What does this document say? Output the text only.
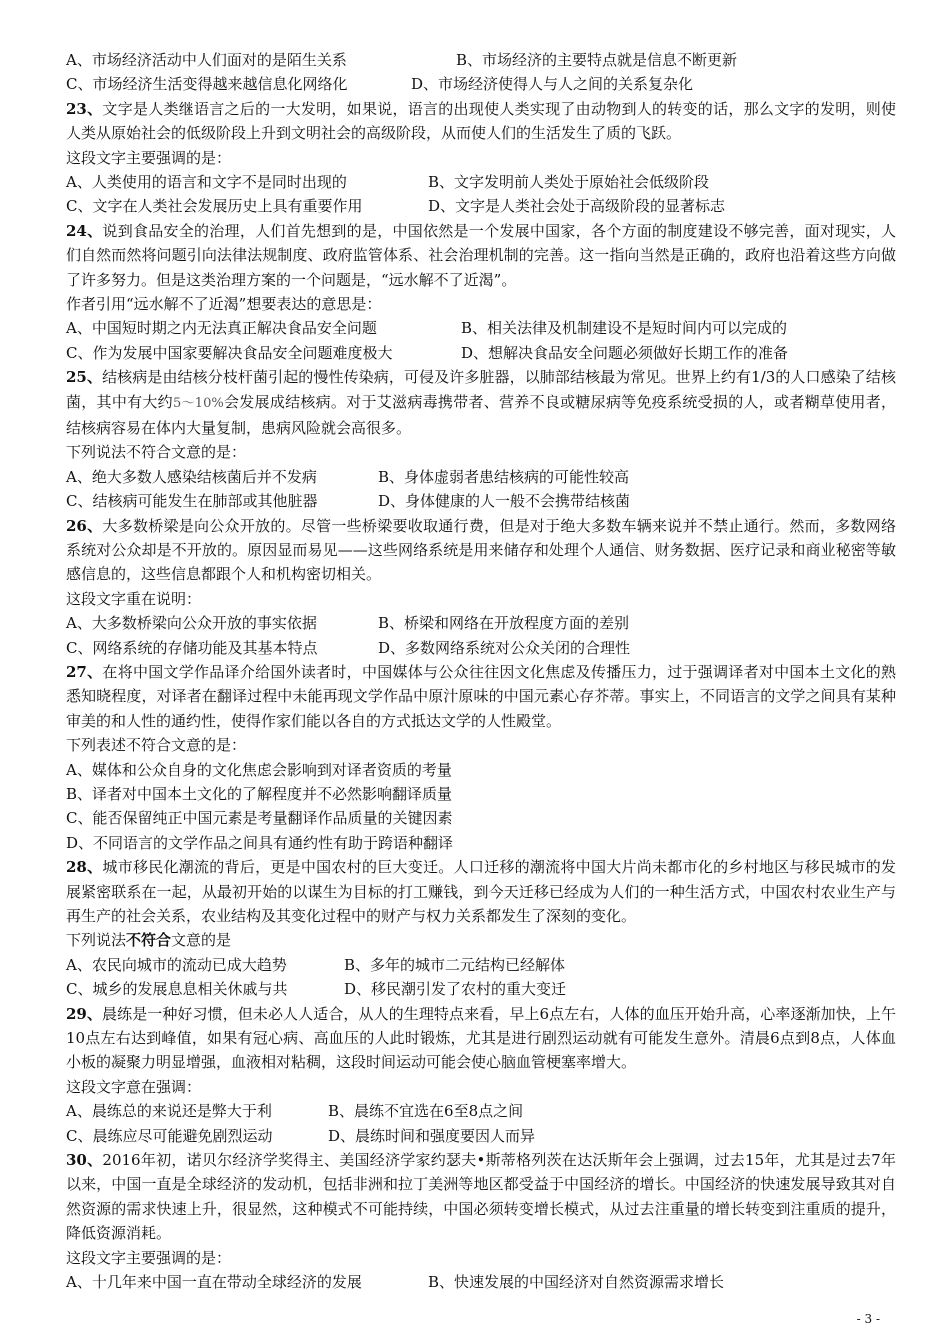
A、市场经济活动中人们面对的是陌生关系	B、市场经济的主要特点就是信息不断更新
C、市场经济生活变得越来越信息化网络化	D、市场经济使得人与人之间的关系复杂化
23、文字是人类继语言之后的一大发明，如果说，语言的出现使人类实现了由动物到人的转变的话，那么文字的发明，则使人类从原始社会的低级阶段上升到文明社会的高级阶段，从而使人们的生活发生了质的飞跃。
这段文字主要强调的是：
A、人类使用的语言和文字不是同时出现的	B、文字发明前人类处于原始社会低级阶段
C、文字在人类社会发展历史上具有重要作用	D、文字是人类社会处于高级阶段的显著标志
24、说到食品安全的治理，人们首先想到的是，中国依然是一个发展中国家，各个方面的制度建设不够完善，面对现实，人们自然而然将问题引向法律法规制度、政府监管体系、社会治理机制的完善。这一指向当然是正确的，政府也沿着这些方向做了许多努力。但是这类治理方案的一个问题是，“远水解不了近渴”。
作者引用“远水解不了近渴”想要表达的意思是：
A、中国短时期之内无法真正解决食品安全问题	B、相关法律及机制建设不是短时间内可以完成的
C、作为发展中国家要解决食品安全问题难度极大	D、想解决食品安全问题必须做好长期工作的准备
25、结核病是由结核分枝杆菌引起的慢性传染病，可侵及许多脏器，以肺部结核最为常见。世界上约有1/3的人口感染了结核菌，其中有大约5～10%会发展成结核病。对于艾滋病毒携带者、营养不良或糖尿病等免疫系统受损的人，或者糊草使用者，结核病容易在体内大量复制，患病风险就会高很多。
下列说法不符合文意的是：
A、绝大多数人感染结核菌后并不发病	B、身体虚弱者患结核病的可能性较高
C、结核病可能发生在肺部或其他脏器	D、身体健康的人一般不会携带结核菌
26、大多数桥梁是向公众开放的。尽管一些桥梁要收取通行费，但是对于绝大多数车辆来说并不禁止通行。然而，多数网络系统对公众却是不开放的。原因显而易见——这些网络系统是用来储存和处理个人通信、财务数据、医疗记录和商业秘密等敏感信息的，这些信息都跟个人和机构密切相关。
这段文字重在说明：
A、大多数桥梁向公众开放的事实依据	B、桥梁和网络在开放程度方面的差别
C、网络系统的存储功能及其基本特点	D、多数网络系统对公众关闭的合理性
27、在将中国文学作品译介给国外读者时，中国媒体与公众往往因文化焦虑及传播压力，过于强调译者对中国本土文化的熟悉知晓程度，对译者在翻译过程中未能再现文学作品中原汁原味的中国元素心存芥蒂。事实上，不同语言的文学之间具有某种审美的和人性的通约性，使得作家们能以各自的方式抵达文学的人性殿堂。
下列表述不符合文意的是：
A、媒体和公众自身的文化焦虑会影响到对译者资质的考量
B、译者对中国本土文化的了解程度并不必然影响翻译质量
C、能否保留纯正中国元素是考量翻译作品质量的关键因素
D、不同语言的文学作品之间具有通约性有助于跨语种翻译
28、城市移民化潮流的背后，更是中国农村的巨大变迁。人口迁移的潮流将中国大片尚未都市化的乡村地区与移民城市的发展紧密联系在一起，从最初开始的以谋生为目标的打工赚钱，到今天迁移已经成为人们的一种生活方式，中国农村农业生产与再生产的社会关系，农业结构及其变化过程中的财产与权力关系都发生了深刻的变化。
下列说法不符合文意的是
A、农民向城市的流动已成大趋势	B、多年的城市二元结构已经解体
C、城乡的发展息息相关休戚与共	D、移民潮引发了农村的重大变迁
29、晨练是一种好习惯，但未必人人适合，从人的生理特点来看，早上6点左右，人体的血压开始升高，心率逐渐加快，上午10点左右达到峰值，如果有冠心病、高血压的人此时锻炼，尤其是进行剧烈运动就有可能发生意外。清晨6点到8点，人体血小板的凝聚力明显增强，血液相对粘稠，这段时间运动可能会使心脑血管梗塞率增大。
这段文字意在强调：
A、晨练总的来说还是弊大于利	B、晨练不宜选在6至8点之间
C、晨练应尽可能避免剧烈运动	D、晨练时间和强度要因人而异
30、2016年初，诺贝尔经济学奖得主、美国经济学家约瑟夫•斯蒂格列茨在达沃斯年会上强调，过去15年，尤其是过去7年以来，中国一直是全球经济的发动机，包括非洲和拉丁美洲等地区都受益于中国经济的增长。中国经济的快速发展导致其对自然资源的需求快速上升，很显然，这种模式不可能持续，中国必须转变增长模式，从过去注重量的增长转变到注重质的提升，降低资源消耗。
这段文字主要强调的是：
A、十几年来中国一直在带动全球经济的发展	B、快速发展的中国经济对自然资源需求增长
- 3 -
